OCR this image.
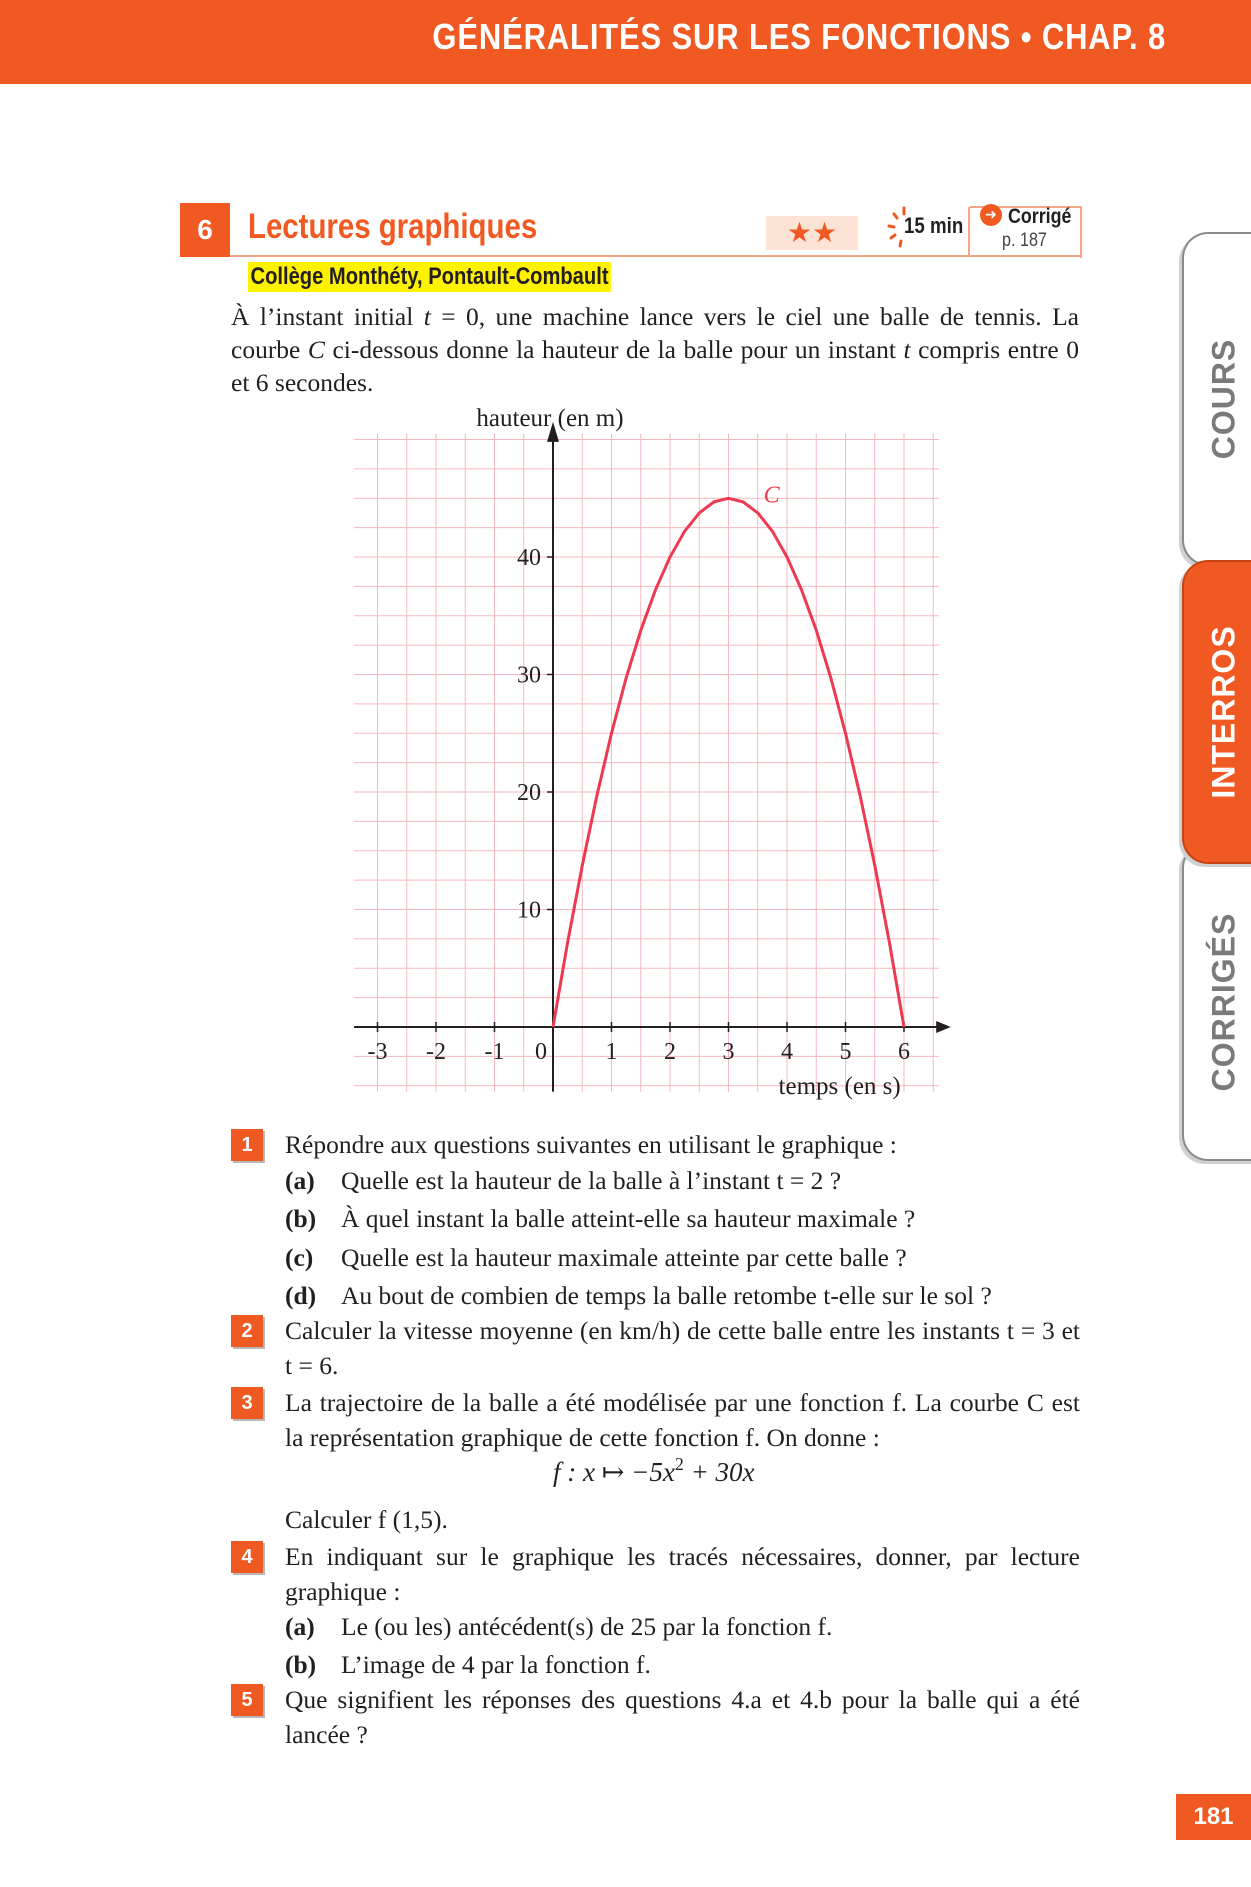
GÉNÉRALITÉS SUR LES FONCTIONS • CHAP. 8
COURS
CORRIGÉS
INTERROS
6	Lectures graphiques	★★	15 min	➜ Corrigé
p. 187
Collège Monthéty, Pontault-Combault
À l’instant initial t = 0, une machine lance vers le ciel une balle de tennis. La courbe C ci-dessous donne la hauteur de la balle pour un instant t compris entre 0 et 6 secondes.
-3 -2 -1 0 1 2 3 4 5 6
10
20
30
40
C
hauteur (en m)
temps (en s)
1	Répondre aux questions suivantes en utilisant le graphique :
(a) Quelle est la hauteur de la balle à l’instant t = 2 ?
(b) À quel instant la balle atteint-elle sa hauteur maximale ?
(c) Quelle est la hauteur maximale atteinte par cette balle ?
(d) Au bout de combien de temps la balle retombe t-elle sur le sol ?
2	Calculer la vitesse moyenne (en km/h) de cette balle entre les instants t = 3 et t = 6.
3	La trajectoire de la balle a été modélisée par une fonction f. La courbe C est la représentation graphique de cette fonction f. On donne :
f : x ↦ $-5x^2 + 30x$
Calculer f (1,5).
4	En indiquant sur le graphique les tracés nécessaires, donner, par lecture graphique :
(a) Le (ou les) antécédent(s) de 25 par la fonction f.
(b) L’image de 4 par la fonction f.
5	Que signifient les réponses des questions 4.a et 4.b pour la balle qui a été lancée ?
181
